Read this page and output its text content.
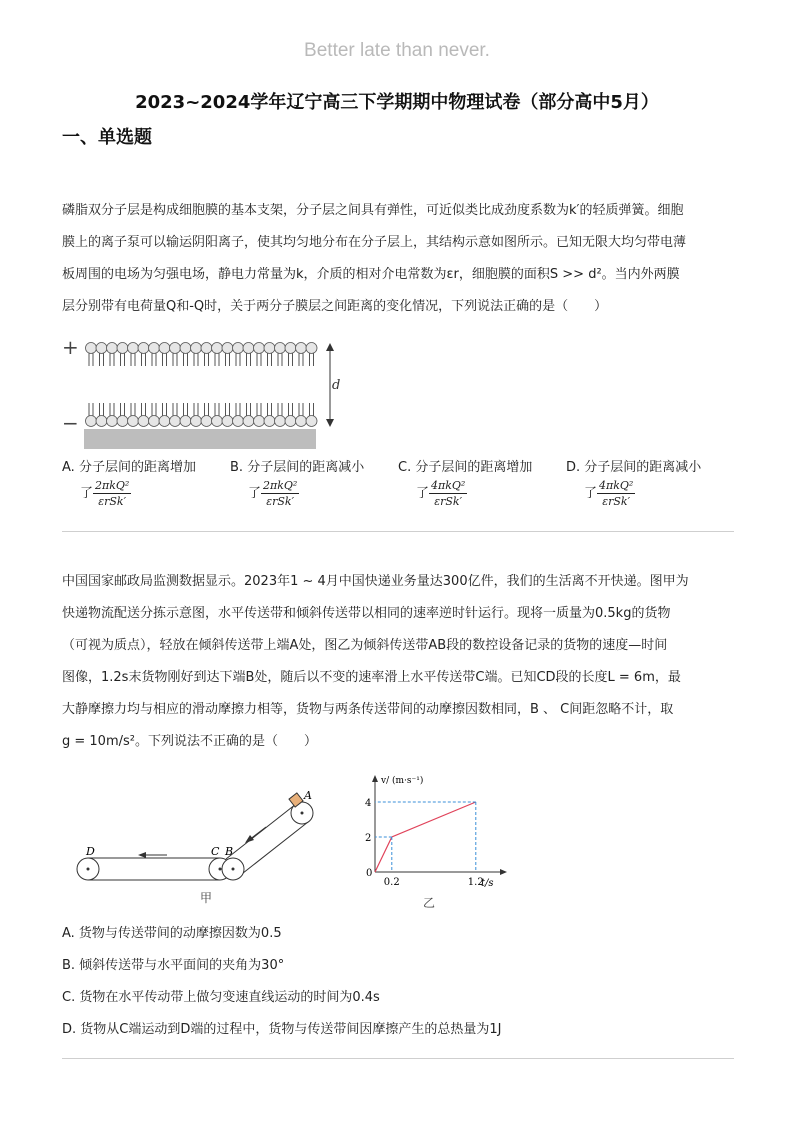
Better late than never.
2023~2024学年辽宁高三下学期期中物理试卷（部分高中5月）
一、单选题
磷脂双分子层是构成细胞膜的基本支架，分子层之间具有弹性，可近似类比成劲度系数为k′的轻质弹簧。细胞
膜上的离子泵可以输运阴阳离子，使其均匀地分布在分子层上，其结构示意如图所示。已知无限大均匀带电薄
板周围的电场为匀强电场，静电力常量为k，介质的相对介电常数为εr，细胞膜的面积S >> d²。当内外两膜
层分别带有电荷量Q和-Q时，关于两分子膜层之间距离的变化情况，下列说法正确的是（　　）
+
−
d
A. 分子层间的距离增加
了 $\frac{\text{2πkQ²}}{\text{εrSk′}}$
B. 分子层间的距离减小
了 $\frac{\text{2πkQ²}}{\text{εrSk′}}$
C. 分子层间的距离增加
了 $\frac{\text{4πkQ²}}{\text{εrSk′}}$
D. 分子层间的距离减小
了 $\frac{\text{4πkQ²}}{\text{εrSk′}}$
中国国家邮政局监测数据显示。2023年1 ~ 4月中国快递业务量达300亿件，我们的生活离不开快递。图甲为
快递物流配送分拣示意图，水平传送带和倾斜传送带以相同的速率逆时针运行。现将一质量为0.5kg的货物
（可视为质点），轻放在倾斜传送带上端A处，图乙为倾斜传送带AB段的数控设备记录的货物的速度—时间
图像，1.2s末货物刚好到达下端B处，随后以不变的速率滑上水平传送带C端。已知CD段的长度L = 6m，最
大静摩擦力均与相应的滑动摩擦力相等，货物与两条传送带间的动摩擦因数相同，B 、 C间距忽略不计，取
g = 10m/s²。下列说法不正确的是（　　）
A
B
C
D
甲
v/ (m·s⁻¹)
t/s
0
2
4
0.2	1.2
乙
A. 货物与传送带间的动摩擦因数为0.5
B. 倾斜传送带与水平面间的夹角为30°
C. 货物在水平传动带上做匀变速直线运动的时间为0.4s
D. 货物从C端运动到D端的过程中，货物与传送带间因摩擦产生的总热量为1J
